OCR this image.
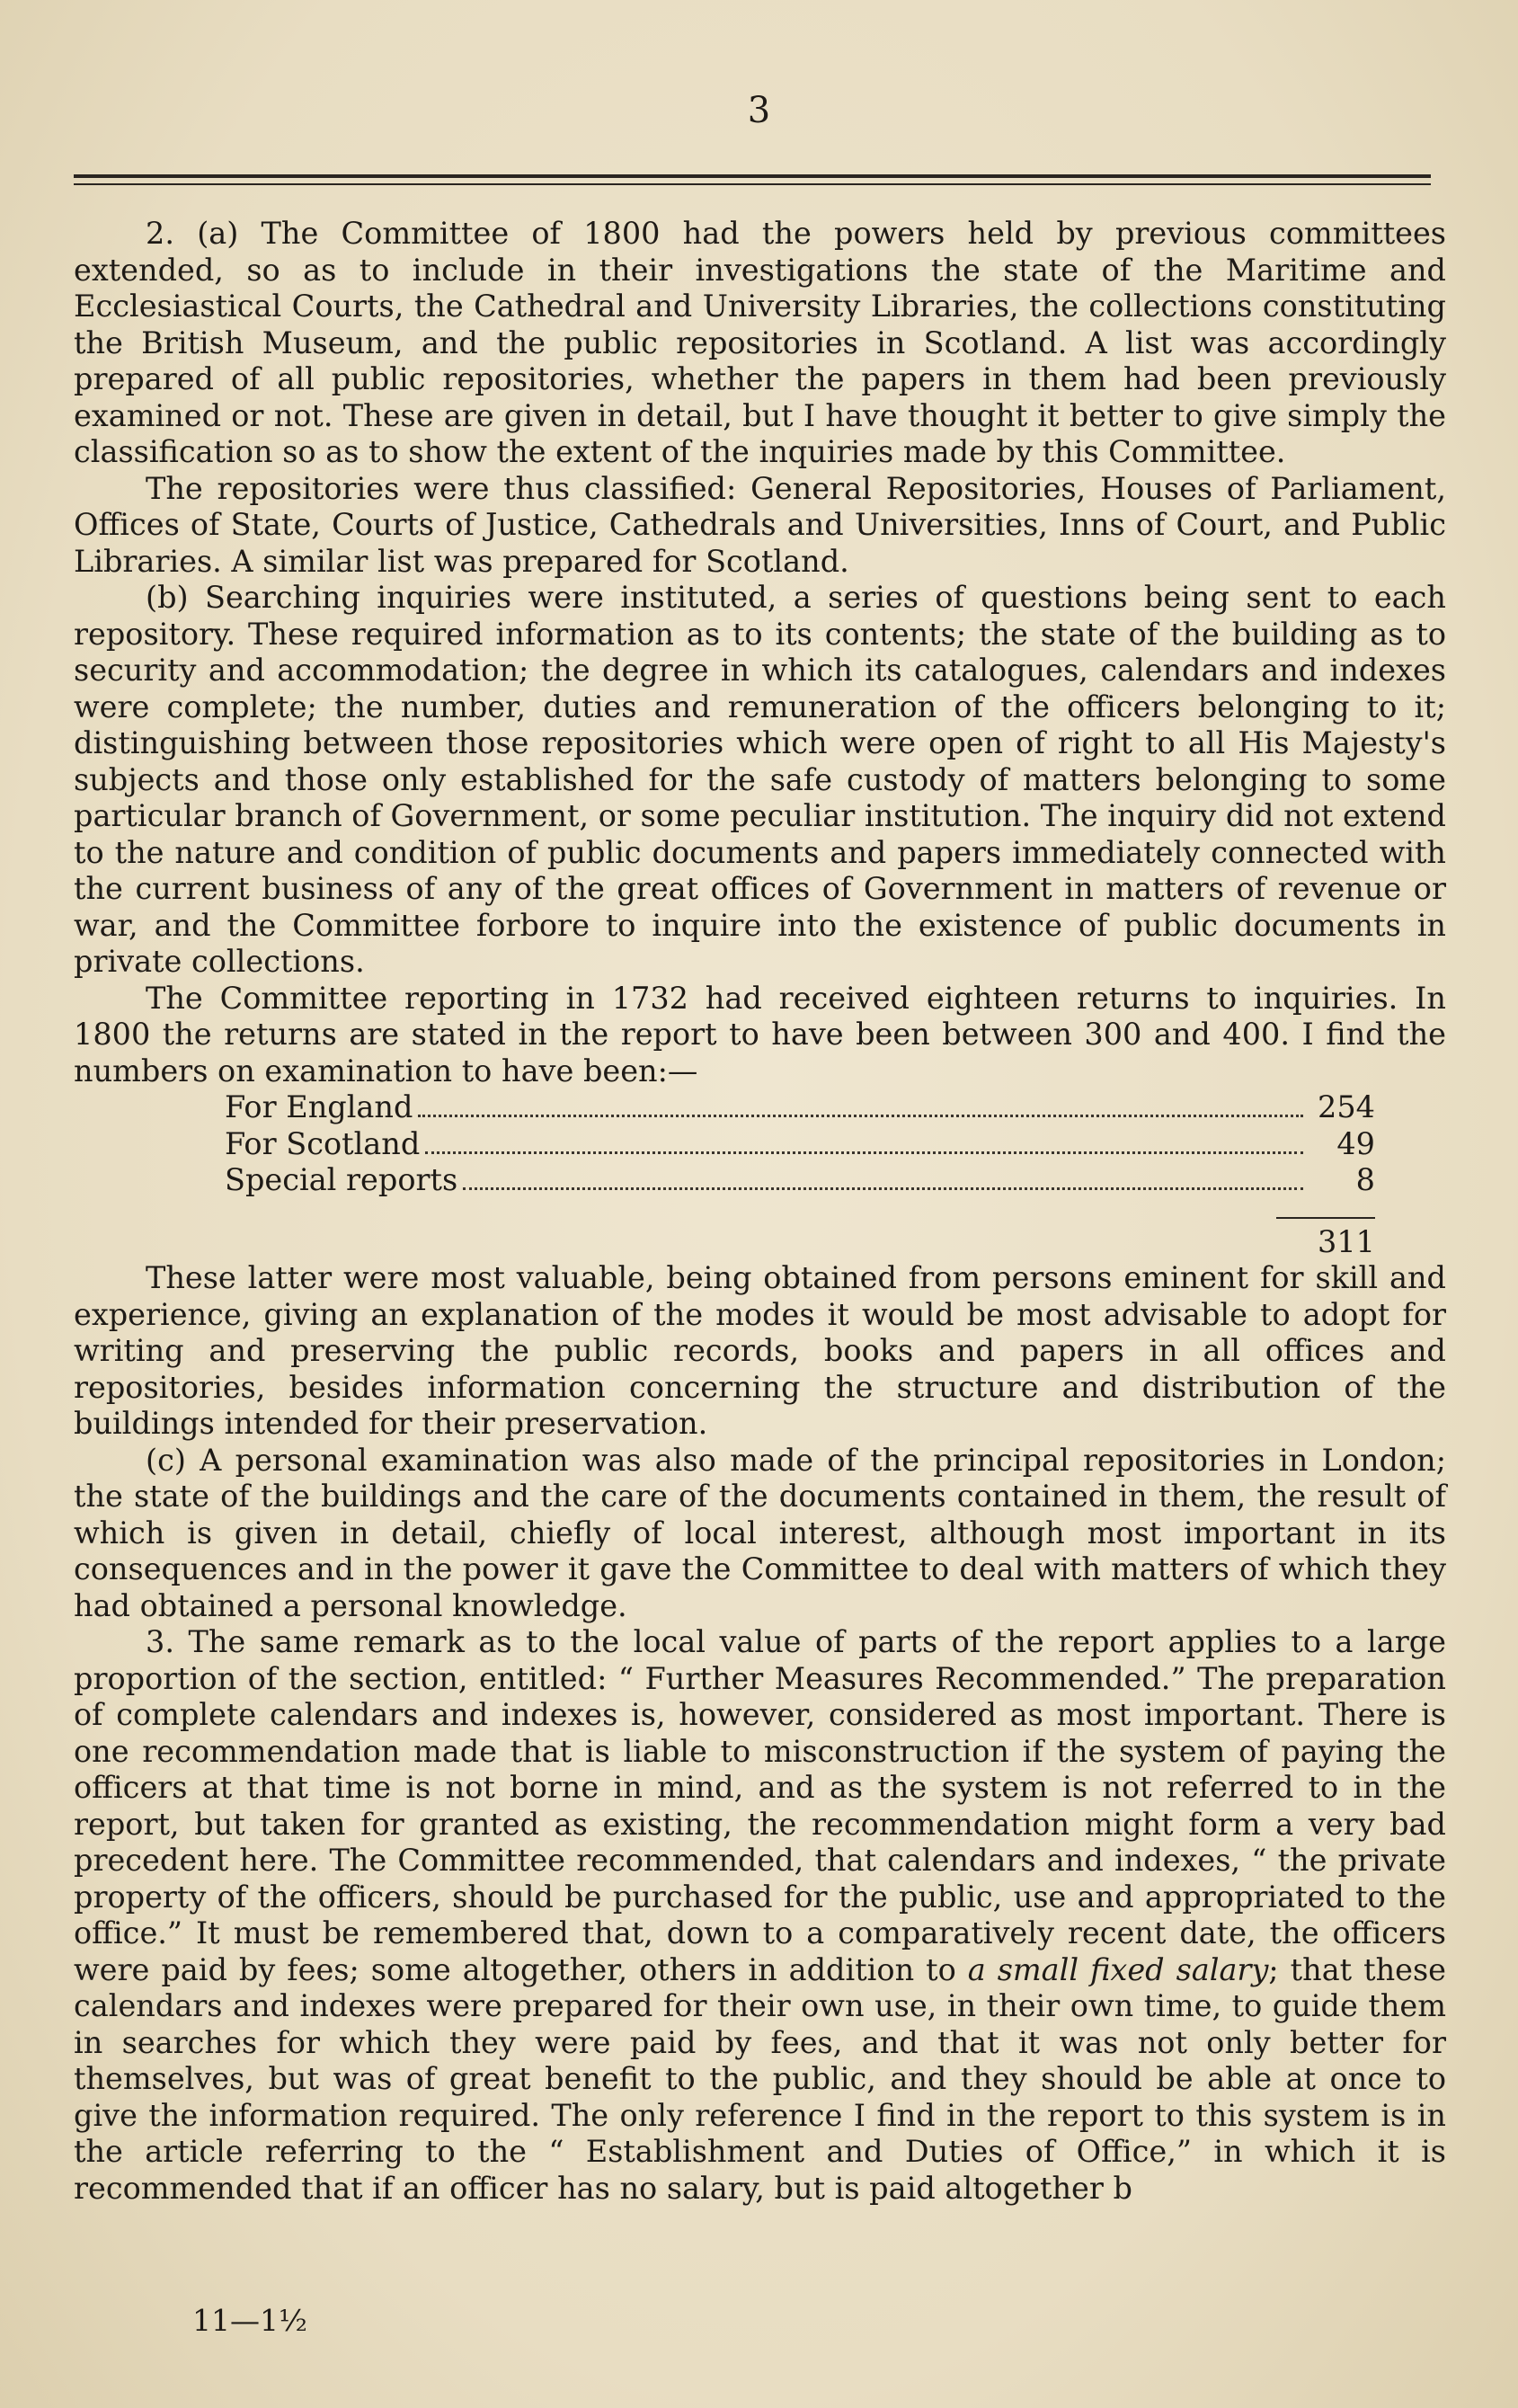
3

2. (a) The Committee of 1800 had the powers held by previous committees extended, so as to include in their investigations the state of the Maritime and Ecclesiastical Courts, the Cathedral and University Libraries, the collections constituting the British Museum, and the public repositories in Scotland. A list was accordingly prepared of all public repositories, whether the papers in them had been previously examined or not. These are given in detail, but I have thought it better to give simply the classification so as to show the extent of the inquiries made by this Committee.

The repositories were thus classified: General Repositories, Houses of Parliament, Offices of State, Courts of Justice, Cathedrals and Universities, Inns of Court, and Public Libraries. A similar list was prepared for Scotland.

(b) Searching inquiries were instituted, a series of questions being sent to each repository. These required information as to its contents; the state of the building as to security and accommodation; the degree in which its catalogues, calendars and indexes were complete; the number, duties and remuneration of the officers belonging to it; distinguishing between those repositories which were open of right to all His Majesty's subjects and those only established for the safe custody of matters belonging to some particular branch of Government, or some peculiar institution. The inquiry did not extend to the nature and condition of public documents and papers immediately connected with the current business of any of the great offices of Government in matters of revenue or war, and the Committee forbore to inquire into the existence of public documents in private collections.

The Committee reporting in 1732 had received eighteen returns to inquiries. In 1800 the returns are stated in the report to have been between 300 and 400. I find the numbers on examination to have been:—

For England	254
For Scotland	49
Special reports	8
311

These latter were most valuable, being obtained from persons eminent for skill and experience, giving an explanation of the modes it would be most advisable to adopt for writing and preserving the public records, books and papers in all offices and repositories, besides information concerning the structure and distribution of the buildings intended for their preservation.

(c) A personal examination was also made of the principal repositories in London; the state of the buildings and the care of the documents contained in them, the result of which is given in detail, chiefly of local interest, although most important in its consequences and in the power it gave the Committee to deal with matters of which they had obtained a personal knowledge.

3. The same remark as to the local value of parts of the report applies to a large proportion of the section, entitled: “ Further Measures Recommended.” The preparation of complete calendars and indexes is, however, considered as most important. There is one recommendation made that is liable to misconstruction if the system of paying the officers at that time is not borne in mind, and as the system is not referred to in the report, but taken for granted as existing, the recommendation might form a very bad precedent here. The Committee recommended, that calendars and indexes, “ the private property of the officers, should be purchased for the public, use and appropriated to the office.” It must be remembered that, down to a comparatively recent date, the officers were paid by fees; some altogether, others in addition to a small fixed salary; that these calendars and indexes were prepared for their own use, in their own time, to guide them in searches for which they were paid by fees, and that it was not only better for themselves, but was of great benefit to the public, and they should be able at once to give the information required. The only reference I find in the report to this system is in the article referring to the “ Establishment and Duties of Office,” in which it is recommended that if an officer has no salary, but is paid altogether b

11—1½
